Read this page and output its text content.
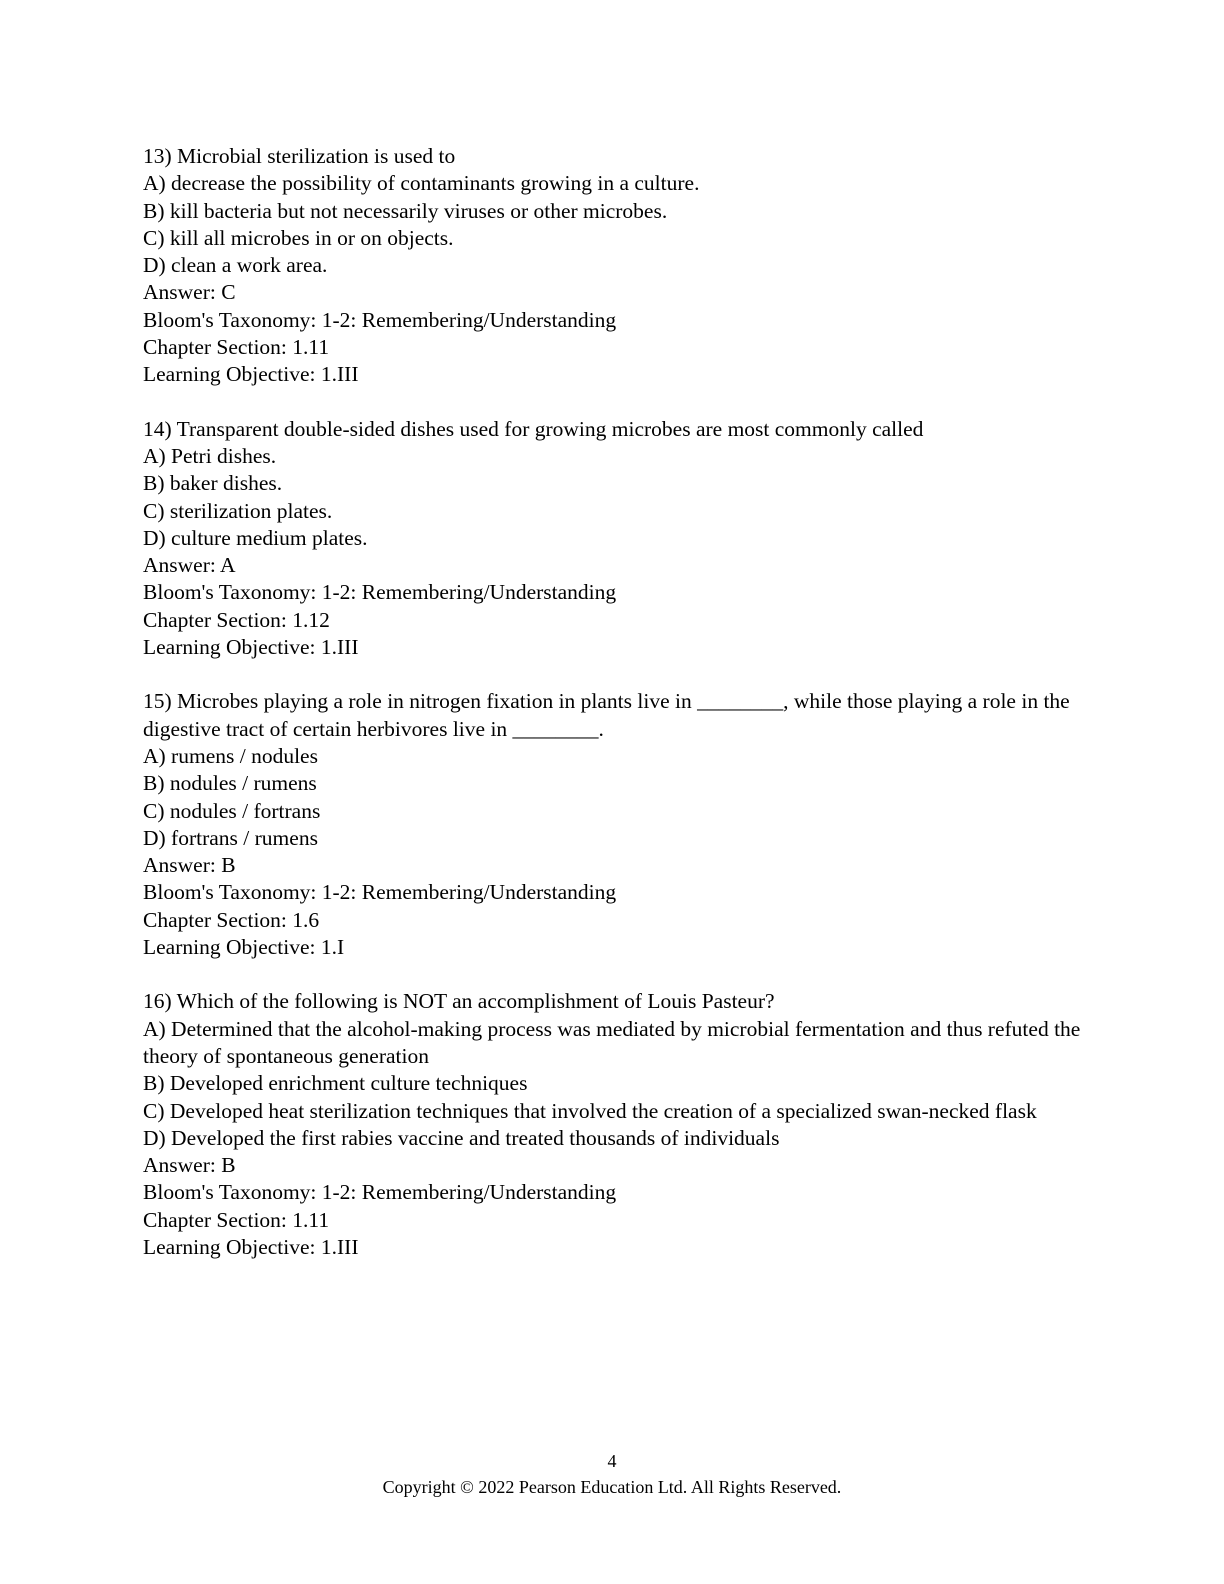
13) Microbial sterilization is used to
A) decrease the possibility of contaminants growing in a culture.
B) kill bacteria but not necessarily viruses or other microbes.
C) kill all microbes in or on objects.
D) clean a work area.
Answer: C
Bloom's Taxonomy: 1-2: Remembering/Understanding
Chapter Section: 1.11
Learning Objective: 1.III
14) Transparent double-sided dishes used for growing microbes are most commonly called
A) Petri dishes.
B) baker dishes.
C) sterilization plates.
D) culture medium plates.
Answer: A
Bloom's Taxonomy: 1-2: Remembering/Understanding
Chapter Section: 1.12
Learning Objective: 1.III
15) Microbes playing a role in nitrogen fixation in plants live in ________, while those playing a role in the digestive tract of certain herbivores live in ________.
A) rumens / nodules
B) nodules / rumens
C) nodules / fortrans
D) fortrans / rumens
Answer: B
Bloom's Taxonomy: 1-2: Remembering/Understanding
Chapter Section: 1.6
Learning Objective: 1.I
16) Which of the following is NOT an accomplishment of Louis Pasteur?
A) Determined that the alcohol-making process was mediated by microbial fermentation and thus refuted the theory of spontaneous generation
B) Developed enrichment culture techniques
C) Developed heat sterilization techniques that involved the creation of a specialized swan-necked flask
D) Developed the first rabies vaccine and treated thousands of individuals
Answer: B
Bloom's Taxonomy: 1-2: Remembering/Understanding
Chapter Section: 1.11
Learning Objective: 1.III
4
Copyright © 2022 Pearson Education Ltd. All Rights Reserved.
